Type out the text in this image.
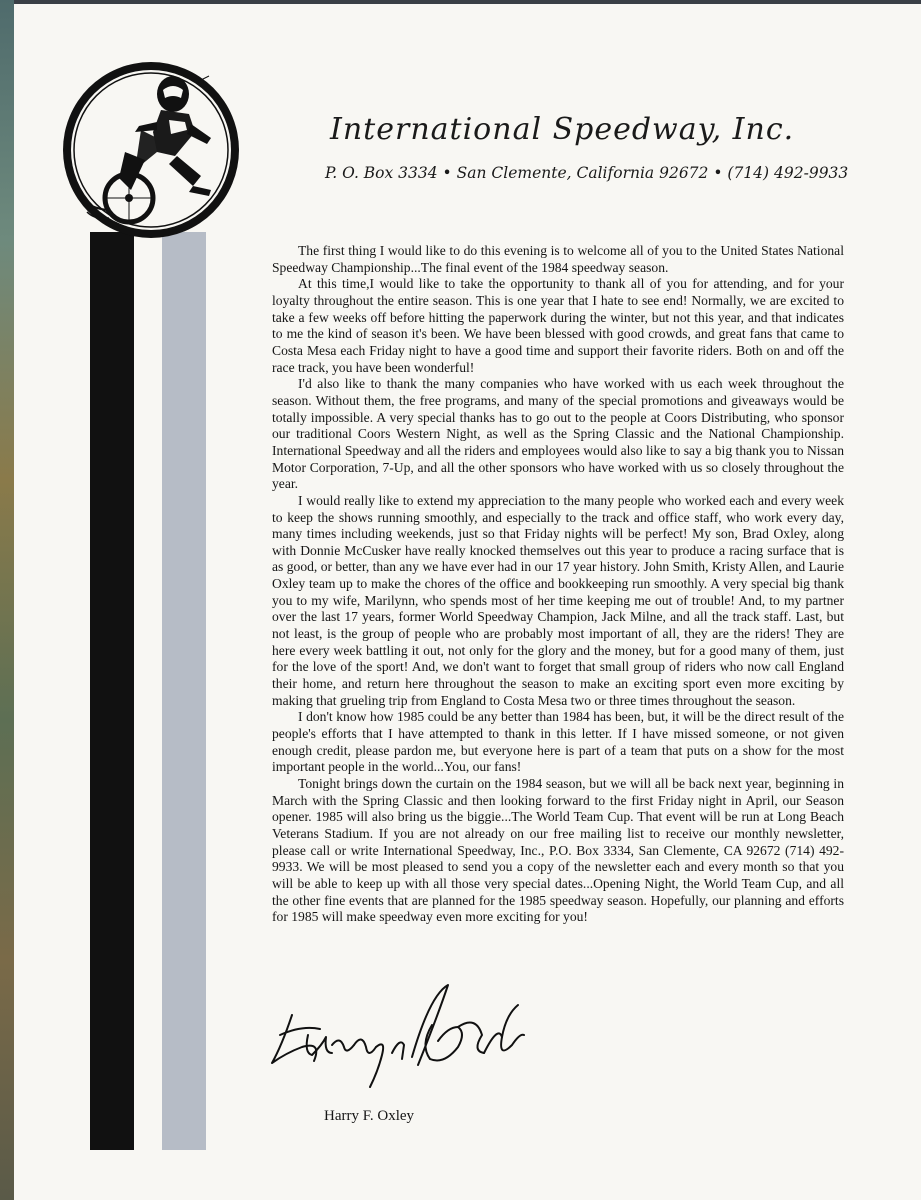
International Speedway, Inc.
P. O. Box 3334 • San Clemente, California 92672 • (714) 492-9933

The first thing I would like to do this evening is to welcome all of you to the United States National Speedway Championship...The final event of the 1984 speedway season.

At this time,I would like to take the opportunity to thank all of you for attending, and for your loyalty throughout the entire season. This is one year that I hate to see end! Normally, we are excited to take a few weeks off before hitting the paperwork during the winter, but not this year, and that indicates to me the kind of season it's been. We have been blessed with good crowds, and great fans that came to Costa Mesa each Friday night to have a good time and support their favorite riders. Both on and off the race track, you have been wonderful!

I'd also like to thank the many companies who have worked with us each week throughout the season. Without them, the free programs, and many of the special promotions and giveaways would be totally impossible. A very special thanks has to go out to the people at Coors Distributing, who sponsor our traditional Coors Western Night, as well as the Spring Classic and the National Championship. International Speedway and all the riders and employees would also like to say a big thank you to Nissan Motor Corporation, 7-Up, and all the other sponsors who have worked with us so closely throughout the year.

I would really like to extend my appreciation to the many people who worked each and every week to keep the shows running smoothly, and especially to the track and office staff, who work every day, many times including weekends, just so that Friday nights will be perfect! My son, Brad Oxley, along with Donnie McCusker have really knocked themselves out this year to produce a racing surface that is as good, or better, than any we have ever had in our 17 year history. John Smith, Kristy Allen, and Laurie Oxley team up to make the chores of the office and bookkeeping run smoothly. A very special big thank you to my wife, Marilynn, who spends most of her time keeping me out of trouble! And, to my partner over the last 17 years, former World Speedway Champion, Jack Milne, and all the track staff. Last, but not least, is the group of people who are probably most important of all, they are the riders! They are here every week battling it out, not only for the glory and the money, but for a good many of them, just for the love of the sport! And, we don't want to forget that small group of riders who now call England their home, and return here throughout the season to make an exciting sport even more exciting by making that grueling trip from England to Costa Mesa two or three times throughout the season.

I don't know how 1985 could be any better than 1984 has been, but, it will be the direct result of the people's efforts that I have attempted to thank in this letter. If I have missed someone, or not given enough credit, please pardon me, but everyone here is part of a team that puts on a show for the most important people in the world...You, our fans!

Tonight brings down the curtain on the 1984 season, but we will all be back next year, beginning in March with the Spring Classic and then looking forward to the first Friday night in April, our Season opener. 1985 will also bring us the biggie...The World Team Cup. That event will be run at Long Beach Veterans Stadium. If you are not already on our free mailing list to receive our monthly newsletter, please call or write International Speedway, Inc., P.O. Box 3334, San Clemente, CA 92672 (714) 492-9933. We will be most pleased to send you a copy of the newsletter each and every month so that you will be able to keep up with all those very special dates...Opening Night, the World Team Cup, and all the other fine events that are planned for the 1985 speedway season. Hopefully, our planning and efforts for 1985 will make speedway even more exciting for you!

Harry F. Oxley
